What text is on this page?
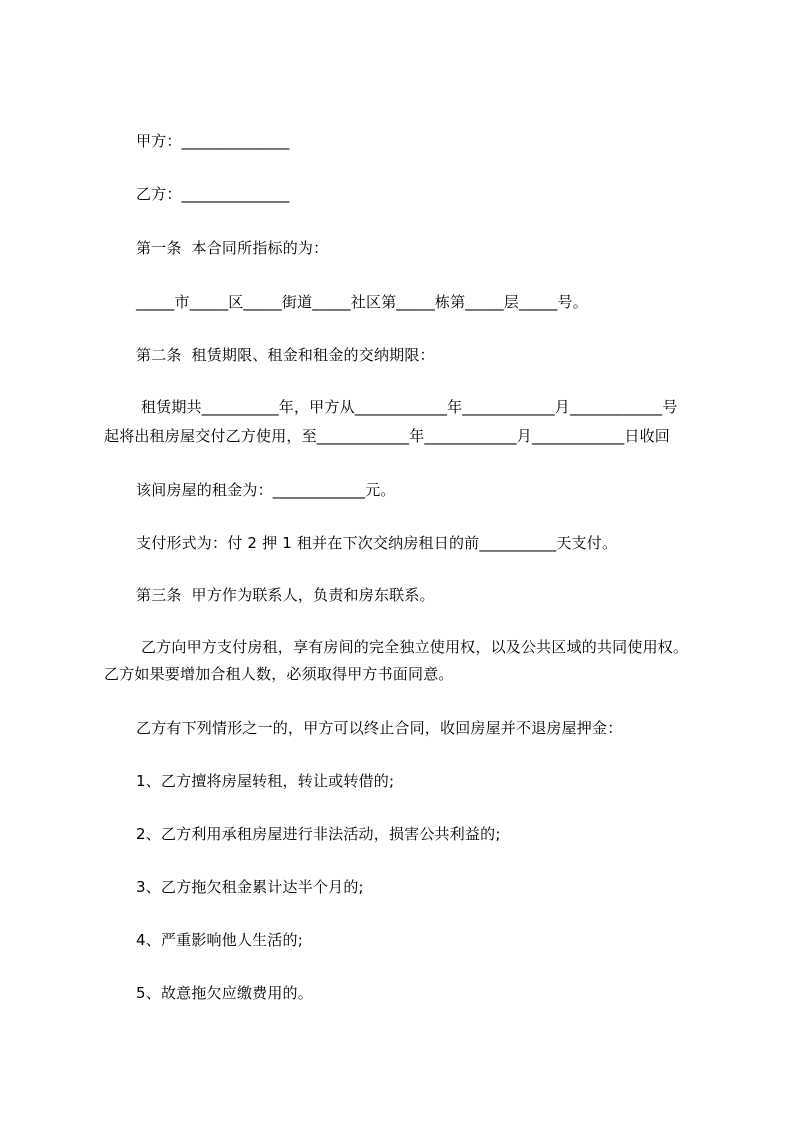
甲方：______________
乙方：______________
第一条  本合同所指标的为：
_____市_____区_____街道_____社区第_____栋第_____层_____号。
第二条  租赁期限、租金和租金的交纳期限：
租赁期共__________年，甲方从____________年____________月____________号
起将出租房屋交付乙方使用，至____________年____________月____________日收回
该间房屋的租金为：____________元。
支付形式为：付 2 押 1 租并在下次交纳房租日的前__________天支付。
第三条  甲方作为联系人，负责和房东联系。
乙方向甲方支付房租，享有房间的完全独立使用权，以及公共区域的共同使用权。
乙方如果要增加合租人数，必须取得甲方书面同意。
乙方有下列情形之一的，甲方可以终止合同，收回房屋并不退房屋押金：
1、乙方擅将房屋转租，转让或转借的;
2、乙方利用承租房屋进行非法活动，损害公共利益的;
3、乙方拖欠租金累计达半个月的;
4、严重影响他人生活的;
5、故意拖欠应缴费用的。
